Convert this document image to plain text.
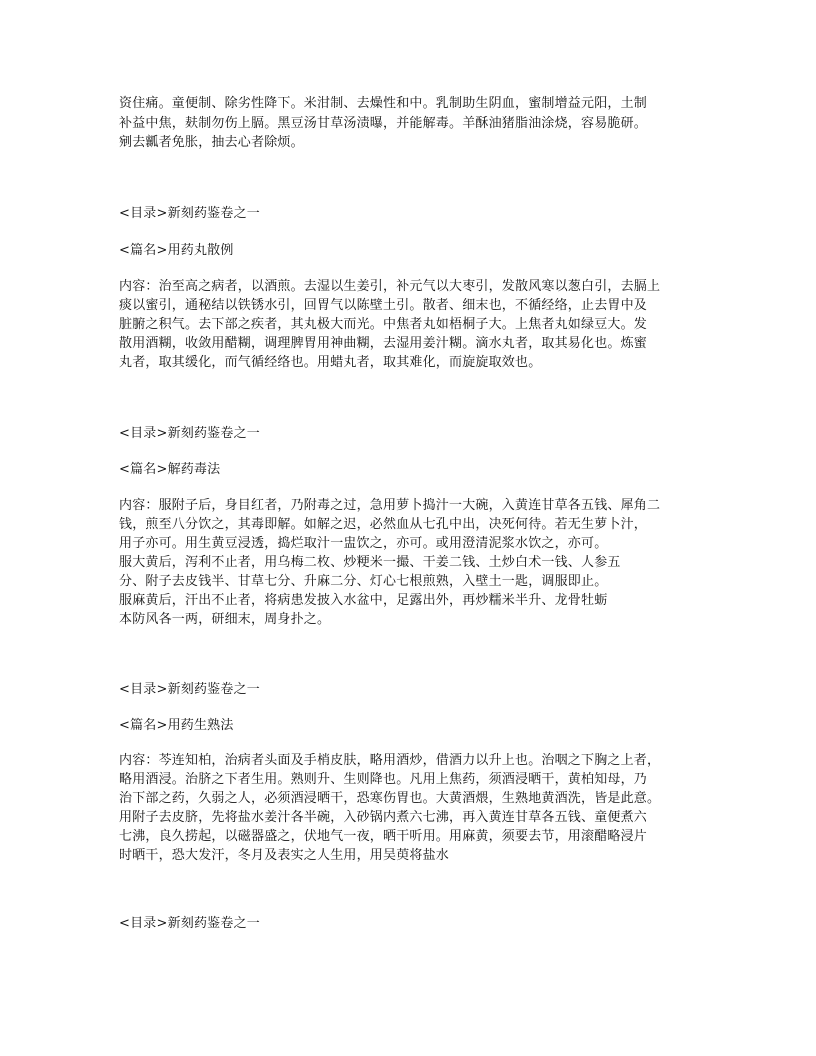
资住痛。童便制、除劣性降下。米泔制、去燥性和中。乳制助生阴血，蜜制增益元阳，土制
补益中焦，麸制勿伤上膈。黑豆汤甘草汤渍曝，并能解毒。羊酥油猪脂油涂烧，容易脆研。
剜去瓤者免胀，抽去心者除烦。
<目录>新刻药鉴卷之一
<篇名>用药丸散例
内容：治至高之病者，以酒煎。去湿以生姜引，补元气以大枣引，发散风寒以葱白引，去膈上
痰以蜜引，通秘结以铁锈水引，回胃气以陈壁土引。散者、细末也，不循经络，止去胃中及
脏腑之积气。去下部之疾者，其丸极大而光。中焦者丸如梧桐子大。上焦者丸如绿豆大。发
散用酒糊，收敛用醋糊，调理脾胃用神曲糊，去湿用姜汁糊。滴水丸者，取其易化也。炼蜜
丸者，取其缓化，而气循经络也。用蜡丸者，取其难化，而旋旋取效也。
<目录>新刻药鉴卷之一
<篇名>解药毒法
内容：服附子后，身目红者，乃附毒之过，急用萝卜捣汁一大碗，入黄连甘草各五钱、犀角二
钱，煎至八分饮之，其毒即解。如解之迟，必然血从七孔中出，决死何待。若无生萝卜汁，
用子亦可。用生黄豆浸透，捣烂取汁一盅饮之，亦可。或用澄清泥浆水饮之，亦可。
服大黄后，泻利不止者，用乌梅二枚、炒粳米一撮、干姜二钱、土炒白术一钱、人参五
分、附子去皮钱半、甘草七分、升麻二分、灯心七根煎熟，入壁土一匙，调服即止。
服麻黄后，汗出不止者，将病患发披入水盆中，足露出外，再炒糯米半升、龙骨牡蛎
本防风各一两，研细末，周身扑之。
<目录>新刻药鉴卷之一
<篇名>用药生熟法
内容：芩连知柏，治病者头面及手梢皮肤，略用酒炒，借酒力以升上也。治咽之下胸之上者，
略用酒浸。治脐之下者生用。熟则升、生则降也。凡用上焦药，须酒浸晒干，黄柏知母，乃
治下部之药，久弱之人，必须酒浸晒干，恐寒伤胃也。大黄酒煨，生熟地黄酒洗，皆是此意。
用附子去皮脐，先将盐水姜汁各半碗，入砂锅内煮六七沸，再入黄连甘草各五钱、童便煮六
七沸，良久捞起，以磁器盛之，伏地气一夜，晒干听用。用麻黄，须要去节，用滚醋略浸片
时晒干，恐大发汗，冬月及表实之人生用，用吴萸将盐水
<目录>新刻药鉴卷之一
